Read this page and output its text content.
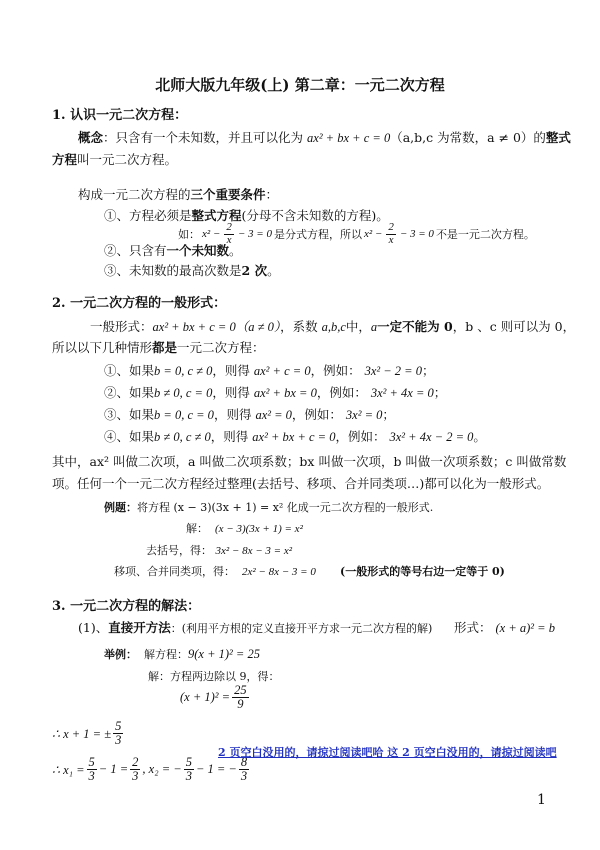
北师大版九年级(上) 第二章：一元二次方程
1. 认识一元二次方程：
概念：只含有一个未知数，并且可以化为 ax² + bx + c = 0（a,b,c 为常数，a ≠ 0）的整式
方程叫一元二次方程。
构成一元二次方程的三个重要条件：
①、方程必须是整式方程(分母不含未知数的方程)。
如： $x^2 - \frac{2}{x} - 3 = 0$ 是分式方程，所以 $x^2 - \frac{2}{x} - 3 = 0$ 不是一元二次方程。
②、只含有一个未知数。
③、未知数的最高次数是2 次。
2. 一元二次方程的一般形式：
一般形式：ax² + bx + c = 0（a ≠ 0），系数 a,b,c中，a一定不能为 0，b 、c 则可以为 0，
所以以下几种情形都是一元二次方程：
①、如果b = 0, c ≠ 0，则得 ax² + c = 0，例如： 3x² − 2 = 0；
②、如果b ≠ 0, c = 0，则得 ax² + bx = 0，例如： 3x² + 4x = 0；
③、如果b = 0, c = 0，则得 ax² = 0，例如： 3x² = 0；
④、如果b ≠ 0, c ≠ 0，则得 ax² + bx + c = 0，例如： 3x² + 4x − 2 = 0。
其中，ax² 叫做二次项，a 叫做二次项系数；bx 叫做一次项，b 叫做一次项系数；c 叫做常数
项。任何一个一元二次方程经过整理(去括号、移项、合并同类项…)都可以化为一般形式。
例题：将方程 (x − 3)(3x + 1) = x² 化成一元二次方程的一般形式.
解： (x − 3)(3x + 1) = x²
去括号，得： 3x² − 8x − 3 = x²
移项、合并同类项，得： 2x² − 8x − 3 = 0 (一般形式的等号右边一定等于 0)
3. 一元二次方程的解法：
(1)、直接开方法：(利用平方根的定义直接开平方求一元二次方程的解) 形式： (x + a)² = b
举例： 解方程：9(x + 1)² = 25
解：方程两边除以 9，得：
$(x + 1)^2 = \frac{25}{9}$
∴ x + 1 = ± $\frac{5}{3}$
∴ $x_1 = \frac{5}{3} - 1 = \frac{2}{3}$ , x₂ = − $\frac{5}{3} - 1$ = − $\frac{8}{3}$
2 页空白没用的，请掠过阅读吧哈 这 2 页空白没用的，请掠过阅读吧
1
